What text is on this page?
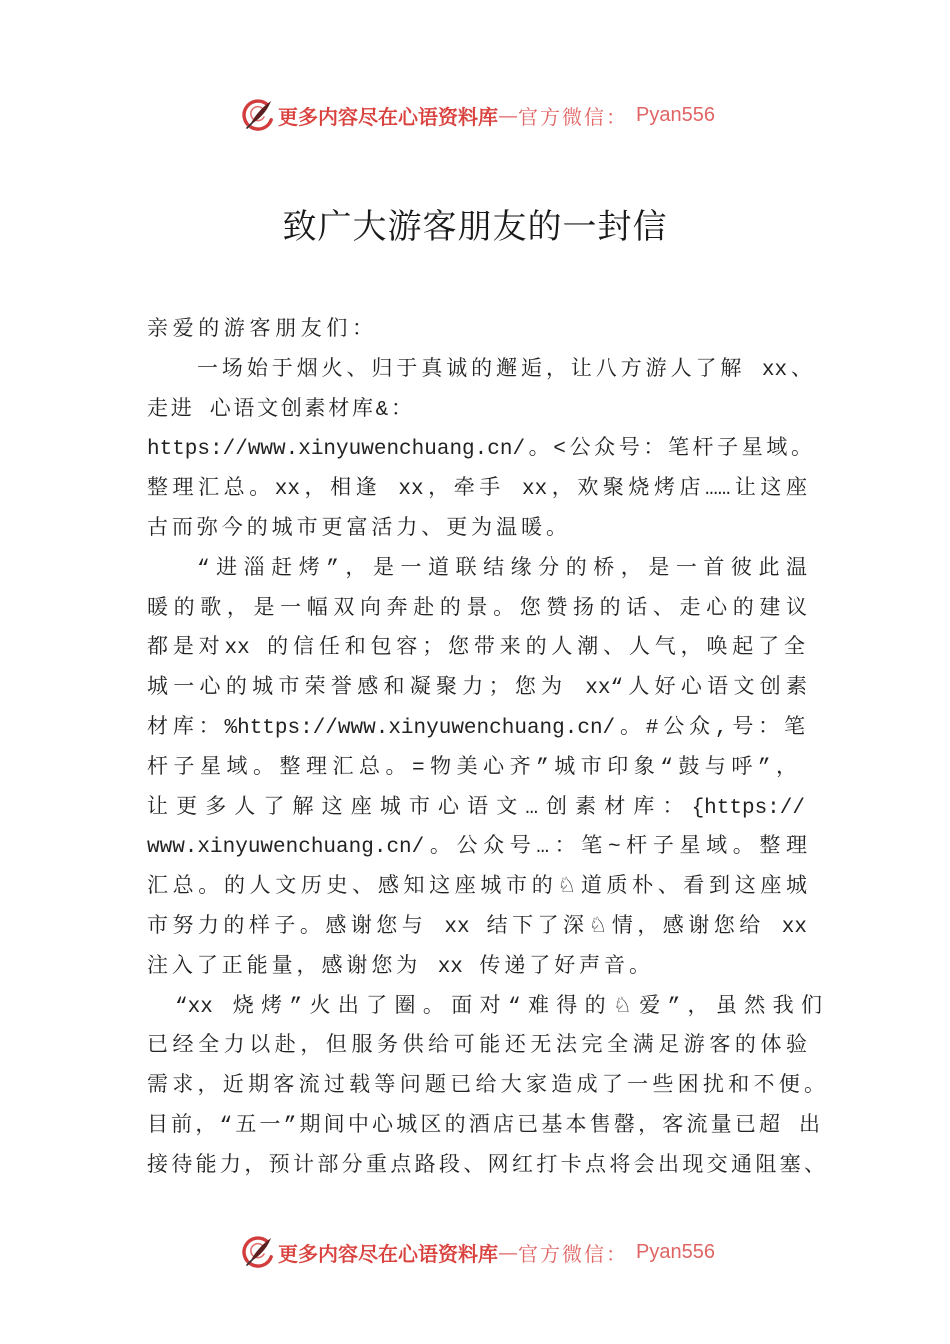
更多内容尽在心语资料库 — 官方微信： Pyan556
致广大游客朋友的一封信
亲爱的游客朋友们：
一场始于烟火、归于真诚的邂逅，让八方游人了解 xx、
走进 心语文创素材库&：
https://www.xinyuwenchuang.cn/。<公众号：笔杆子星域。
整理汇总。xx，相逢 xx，牵手 xx，欢聚烧烤店……让这座
古而弥今的城市更富活力、更为温暖。
“进淄赶烤”，是一道联结缘分的桥，是一首彼此温
暖的歌，是一幅双向奔赴的景。您赞扬的话、走心的建议
都是对xx 的信任和包容；您带来的人潮、人气，唤起了全
城一心的城市荣誉感和凝聚力；您为 xx“人好心语文创素
材库：%https://www.xinyuwenchuang.cn/。#公众,号：笔
杆子星域。整理汇总。=物美心齐”城市印象“鼓与呼”，
让更多人了解这座城市心语文…创素材库：{https://
www.xinyuwenchuang.cn/。公众号…：笔~杆子星域。整理
汇总。的人文历史、感知这座城市的♘道质朴、看到这座城
市努力的样子。感谢您与 xx 结下了深♘情，感谢您给 xx
注入了正能量，感谢您为 xx 传递了好声音。
“xx 烧烤”火出了圈。面对“难得的♘爱”，虽然我们
已经全力以赴，但服务供给可能还无法完全满足游客的体验
需求，近期客流过载等问题已给大家造成了一些困扰和不便。
目前，“五一”期间中心城区的酒店已基本售罄，客流量已超 出
接待能力，预计部分重点路段、网红打卡点将会出现交通阻塞、
更多内容尽在心语资料库 — 官方微信： Pyan556
